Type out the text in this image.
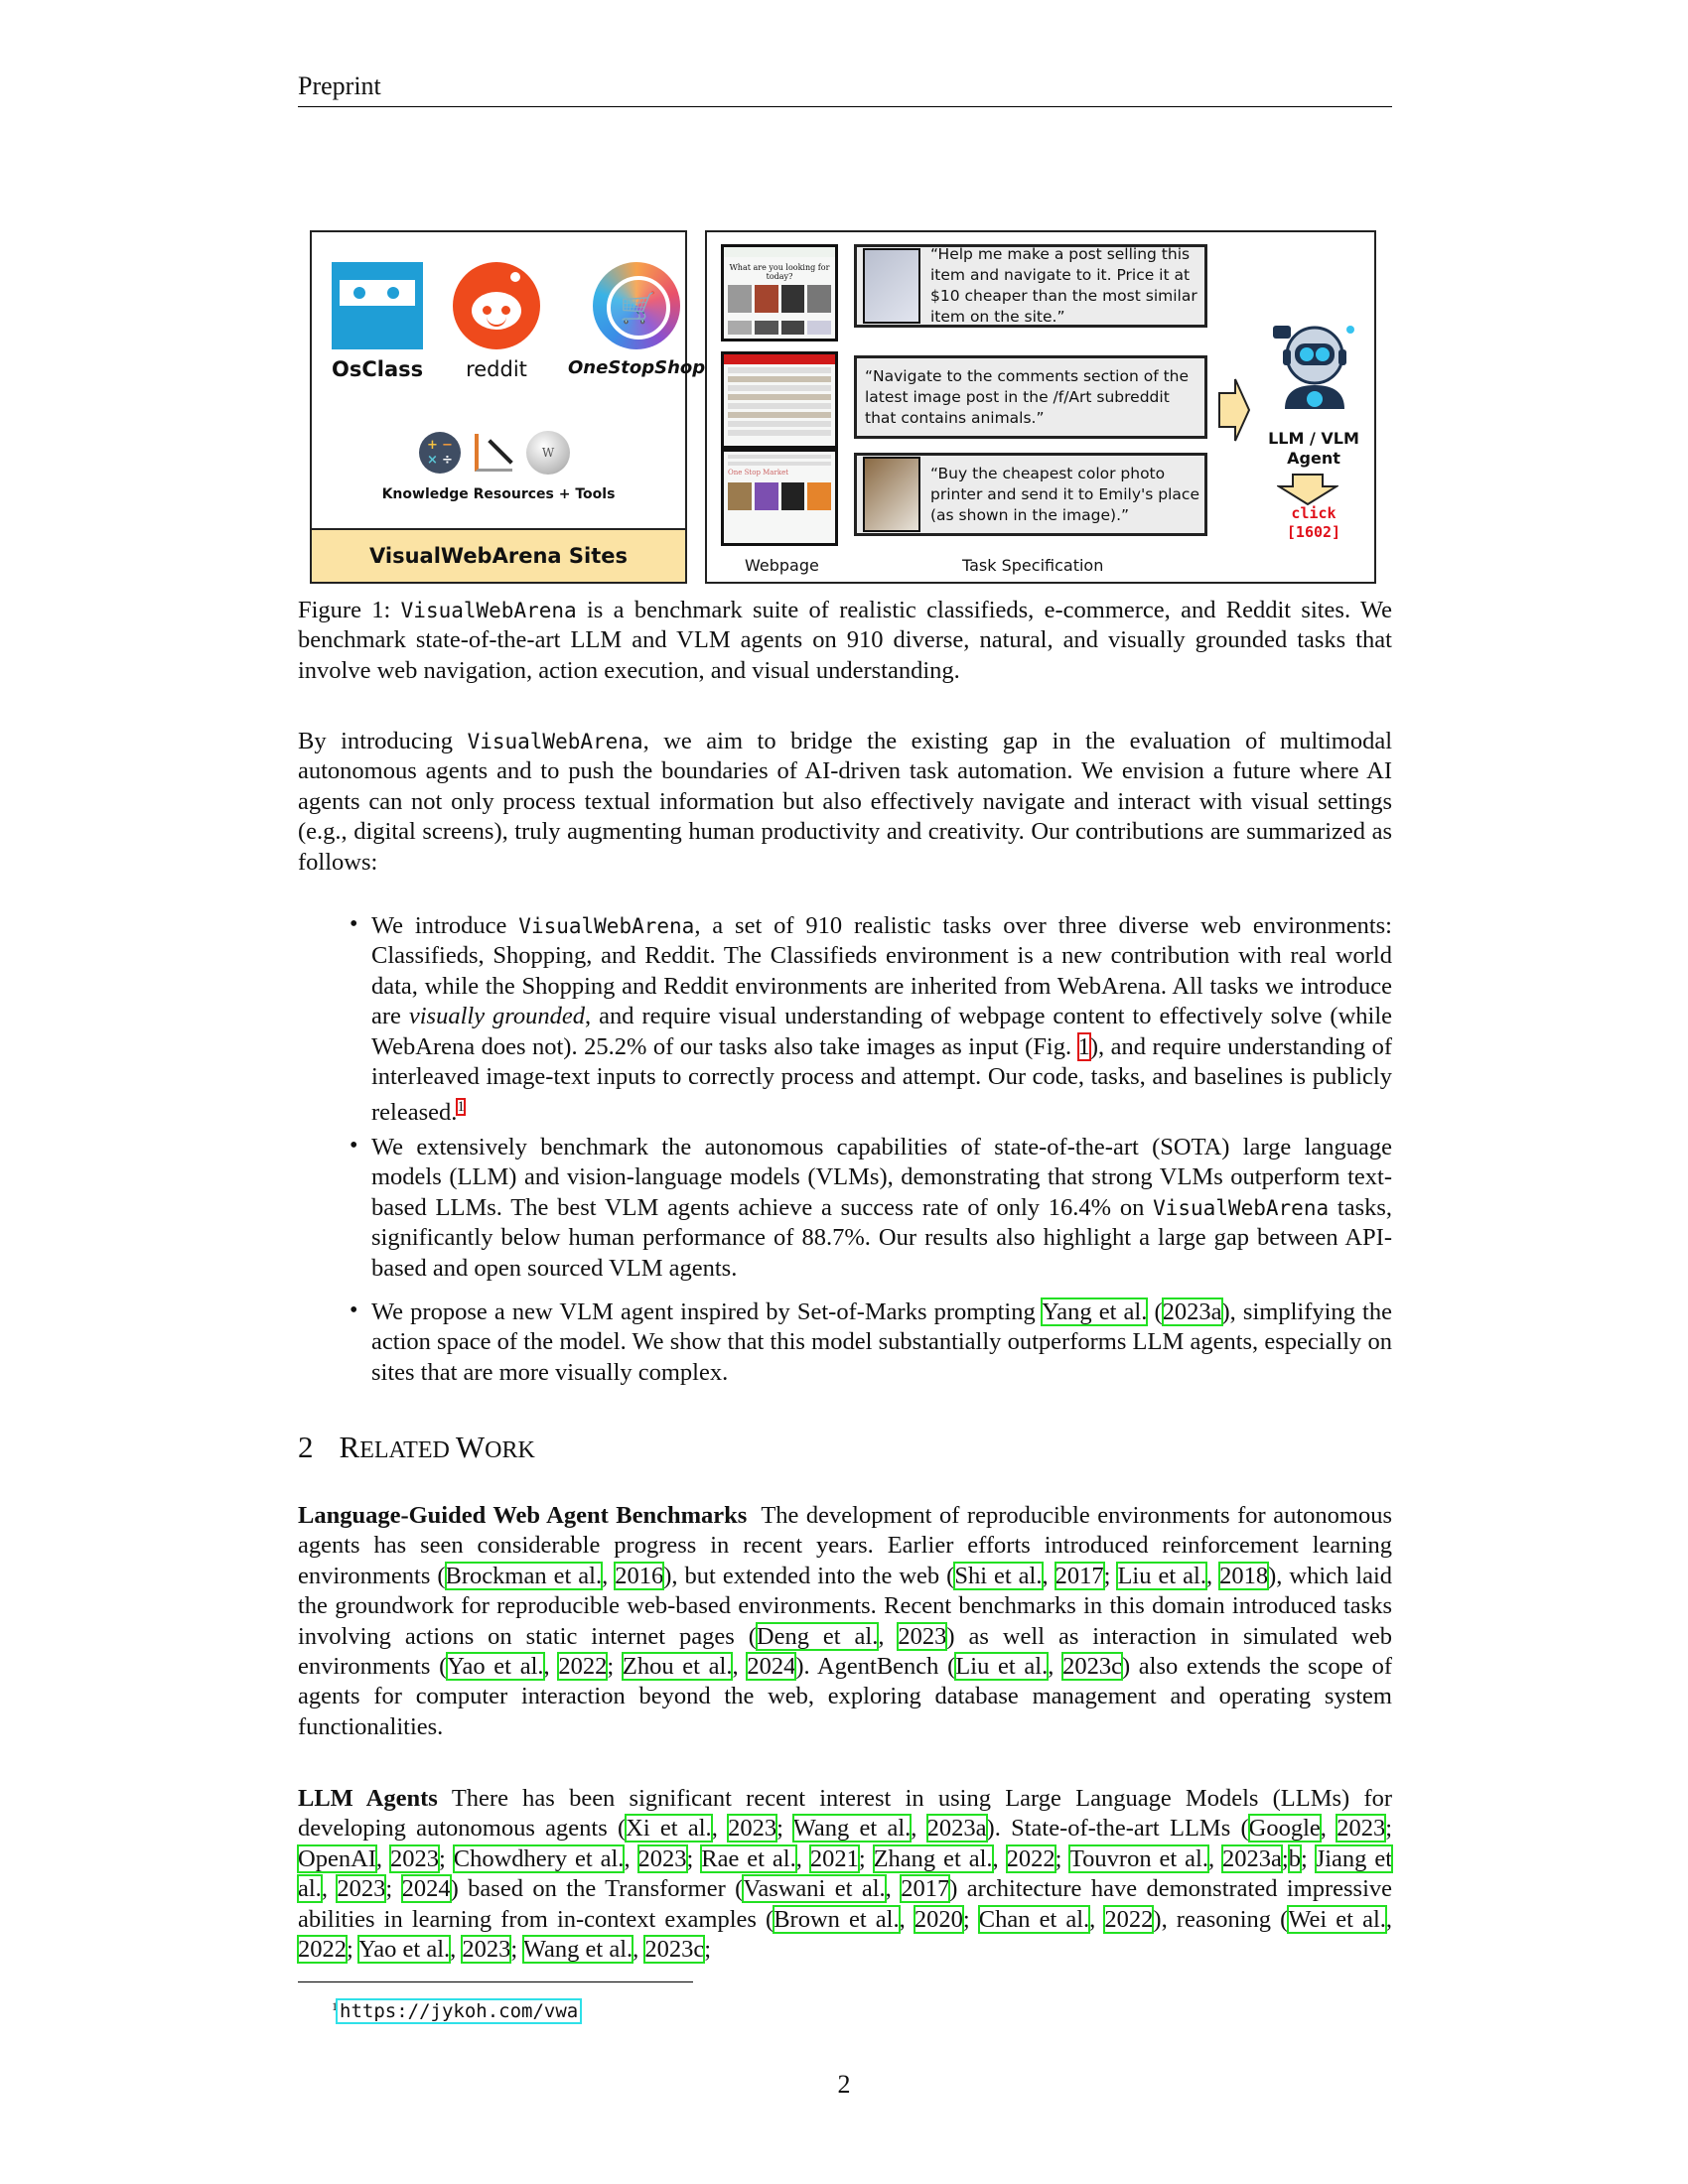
Preprint
OsClass reddit
🛒
OneStopShop
+ −
× ÷	W
Knowledge Resources + Tools
VisualWebArena Sites
What are you looking for today?
One Stop Market
“Help me make a post selling this item and navigate to it. Price it at $10 cheaper than the most similar item on the site.”
“Navigate to the comments section of the latest image post in the /f/Art subreddit that contains animals.”
“Buy the cheapest color photo printer and send it to Emily's place (as shown in the image).”
LLM / VLM
Agent
click
[1602]
Webpage	Task Specification
Figure 1: VisualWebArena is a benchmark suite of realistic classifieds, e-commerce, and Reddit sites. We benchmark state-of-the-art LLM and VLM agents on 910 diverse, natural, and visually grounded tasks that involve web navigation, action execution, and visual understanding.
By introducing VisualWebArena, we aim to bridge the existing gap in the evaluation of multimodal autonomous agents and to push the boundaries of AI-driven task automation. We envision a future where AI agents can not only process textual information but also effectively navigate and interact with visual settings (e.g., digital screens), truly augmenting human productivity and creativity. Our contributions are summarized as follows:
• We introduce VisualWebArena, a set of 910 realistic tasks over three diverse web environments: Classifieds, Shopping, and Reddit. The Classifieds environment is a new contribution with real world data, while the Shopping and Reddit environments are inherited from WebArena. All tasks we introduce are visually grounded, and require visual understanding of webpage content to effectively solve (while WebArena does not). 25.2% of our tasks also take images as input (Fig. 1), and require understanding of interleaved image-text inputs to correctly process and attempt. Our code, tasks, and baselines is publicly released.$^1$
• We extensively benchmark the autonomous capabilities of state-of-the-art (SOTA) large language models (LLM) and vision-language models (VLMs), demonstrating that strong VLMs outperform text-based LLMs. The best VLM agents achieve a success rate of only 16.4% on VisualWebArena tasks, significantly below human performance of 88.7%. Our results also highlight a large gap between API-based and open sourced VLM agents.
• We propose a new VLM agent inspired by Set-of-Marks prompting Yang et al. (2023a), simplifying the action space of the model. We show that this model substantially outperforms LLM agents, especially on sites that are more visually complex.
2 RELATED WORK
Language-Guided Web Agent Benchmarks The development of reproducible environments for autonomous agents has seen considerable progress in recent years. Earlier efforts introduced reinforcement learning environments (Brockman et al., 2016), but extended into the web (Shi et al., 2017; Liu et al., 2018), which laid the groundwork for reproducible web-based environments. Recent benchmarks in this domain introduced tasks involving actions on static internet pages (Deng et al., 2023) as well as interaction in simulated web environments (Yao et al., 2022; Zhou et al., 2024). AgentBench (Liu et al., 2023c) also extends the scope of agents for computer interaction beyond the web, exploring database management and operating system functionalities.
LLM Agents There has been significant recent interest in using Large Language Models (LLMs) for developing autonomous agents (Xi et al., 2023; Wang et al., 2023a). State-of-the-art LLMs (Google, 2023; OpenAI, 2023; Chowdhery et al., 2023; Rae et al., 2021; Zhang et al., 2022; Touvron et al., 2023a;b; Jiang et al., 2023; 2024) based on the Transformer (Vaswani et al., 2017) architecture have demonstrated impressive abilities in learning from in-context examples (Brown et al., 2020; Chan et al., 2022), reasoning (Wei et al., 2022; Yao et al., 2023; Wang et al., 2023c;
$^1$ https://jykoh.com/vwa
2
